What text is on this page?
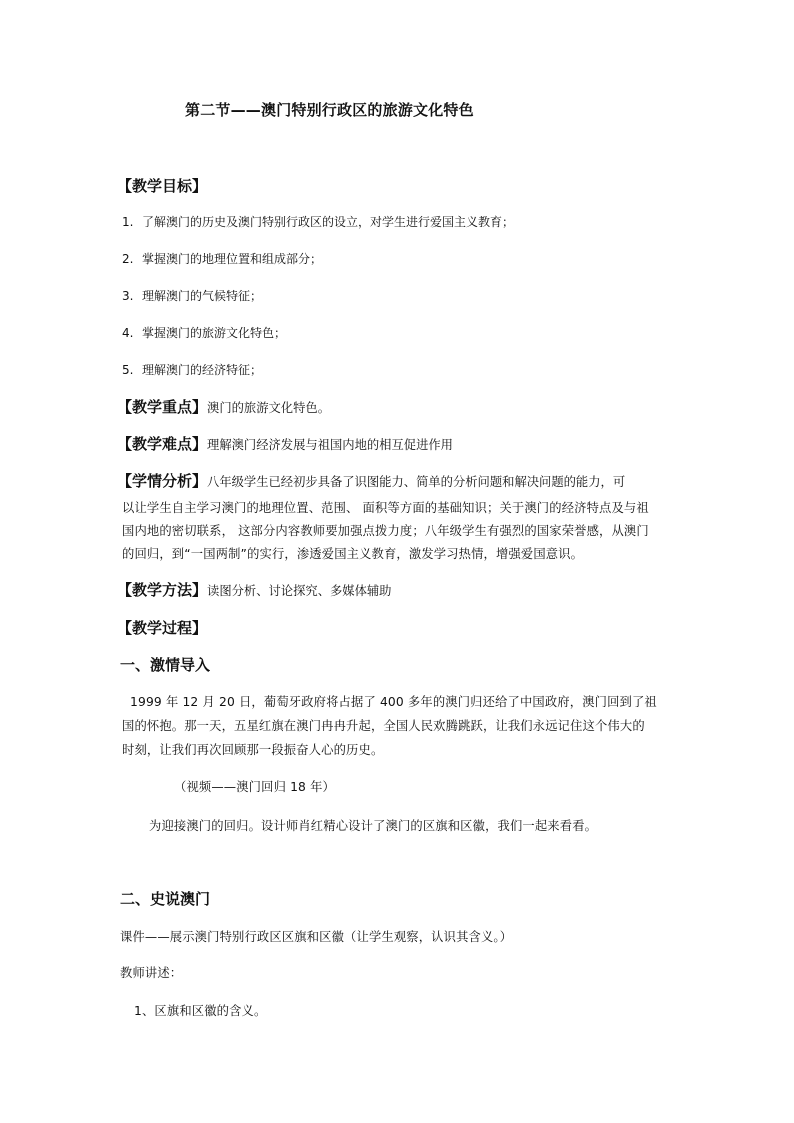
第二节——澳门特别行政区的旅游文化特色
【教学目标】
1. 了解澳门的历史及澳门特别行政区的设立，对学生进行爱国主义教育；
2. 掌握澳门的地理位置和组成部分；
3. 理解澳门的气候特征；
4. 掌握澳门的旅游文化特色；
5. 理解澳门的经济特征；
【教学重点】澳门的旅游文化特色。
【教学难点】理解澳门经济发展与祖国内地的相互促进作用
【学情分析】八年级学生已经初步具备了识图能力、简单的分析问题和解决问题的能力，可
以让学生自主学习澳门的地理位置、范围、 面积等方面的基础知识；关于澳门的经济特点及与祖
国内地的密切联系， 这部分内容教师要加强点拨力度；八年级学生有强烈的国家荣誉感，从澳门
的回归，到“一国两制”的实行，渗透爱国主义教育，激发学习热情，增强爱国意识。
【教学方法】读图分析、讨论探究、多媒体辅助
【教学过程】
一、激情导入
1999 年 12 月 20 日，葡萄牙政府将占据了 400 多年的澳门归还给了中国政府，澳门回到了祖
国的怀抱。那一天，五星红旗在澳门冉冉升起，全国人民欢腾跳跃，让我们永远记住这个伟大的
时刻，让我们再次回顾那一段振奋人心的历史。
（视频——澳门回归 18 年）
为迎接澳门的回归。设计师肖红精心设计了澳门的区旗和区徽，我们一起来看看。
二、史说澳门
课件——展示澳门特别行政区区旗和区徽（让学生观察，认识其含义。）
教师讲述：
1、区旗和区徽的含义。
